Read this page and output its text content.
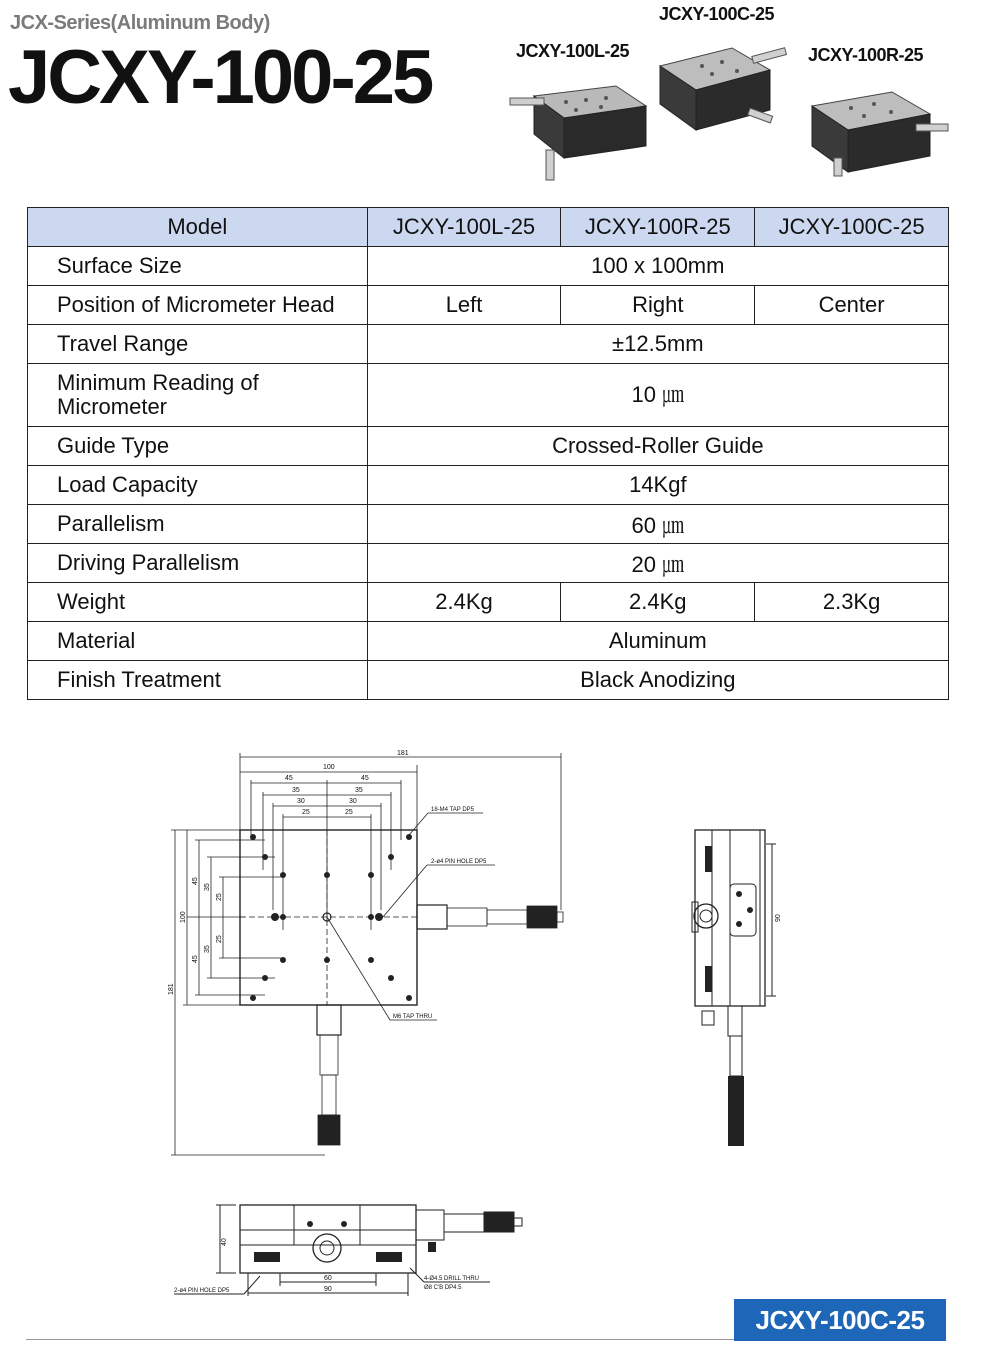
JCX-Series(Aluminum Body)
JCXY-100-25
JCXY-100C-25
JCXY-100L-25	JCXY-100R-25
Model	JCXY-100L-25	JCXY-100R-25	JCXY-100C-25
Surface Size	100 x 100mm		
Position of Micrometer Head	Left	Right	Center
Travel Range	±12.5mm		
Minimum Reading of
Micrometer	10 ㎛		
Guide Type	Crossed-Roller Guide		
Load Capacity	14Kgf		
Parallelism	60 ㎛		
Driving Parallelism	20 ㎛		
Weight	2.4Kg	2.4Kg	2.3Kg
Material	Aluminum		
Finish Treatment	Black Anodizing		
181
100
45	45
35	35
30	30
25	25
45
35
25
100
35
25
45
181
18-M4 TAP DP5
2-ø4 PIN HOLE DP5
M6 TAP THRU
90
40
60
90
2-ø4 PIN HOLE DP5
4-Ø4.5 DRILL THRU
Ø8 C'B DP4.5
JCXY-100C-25
